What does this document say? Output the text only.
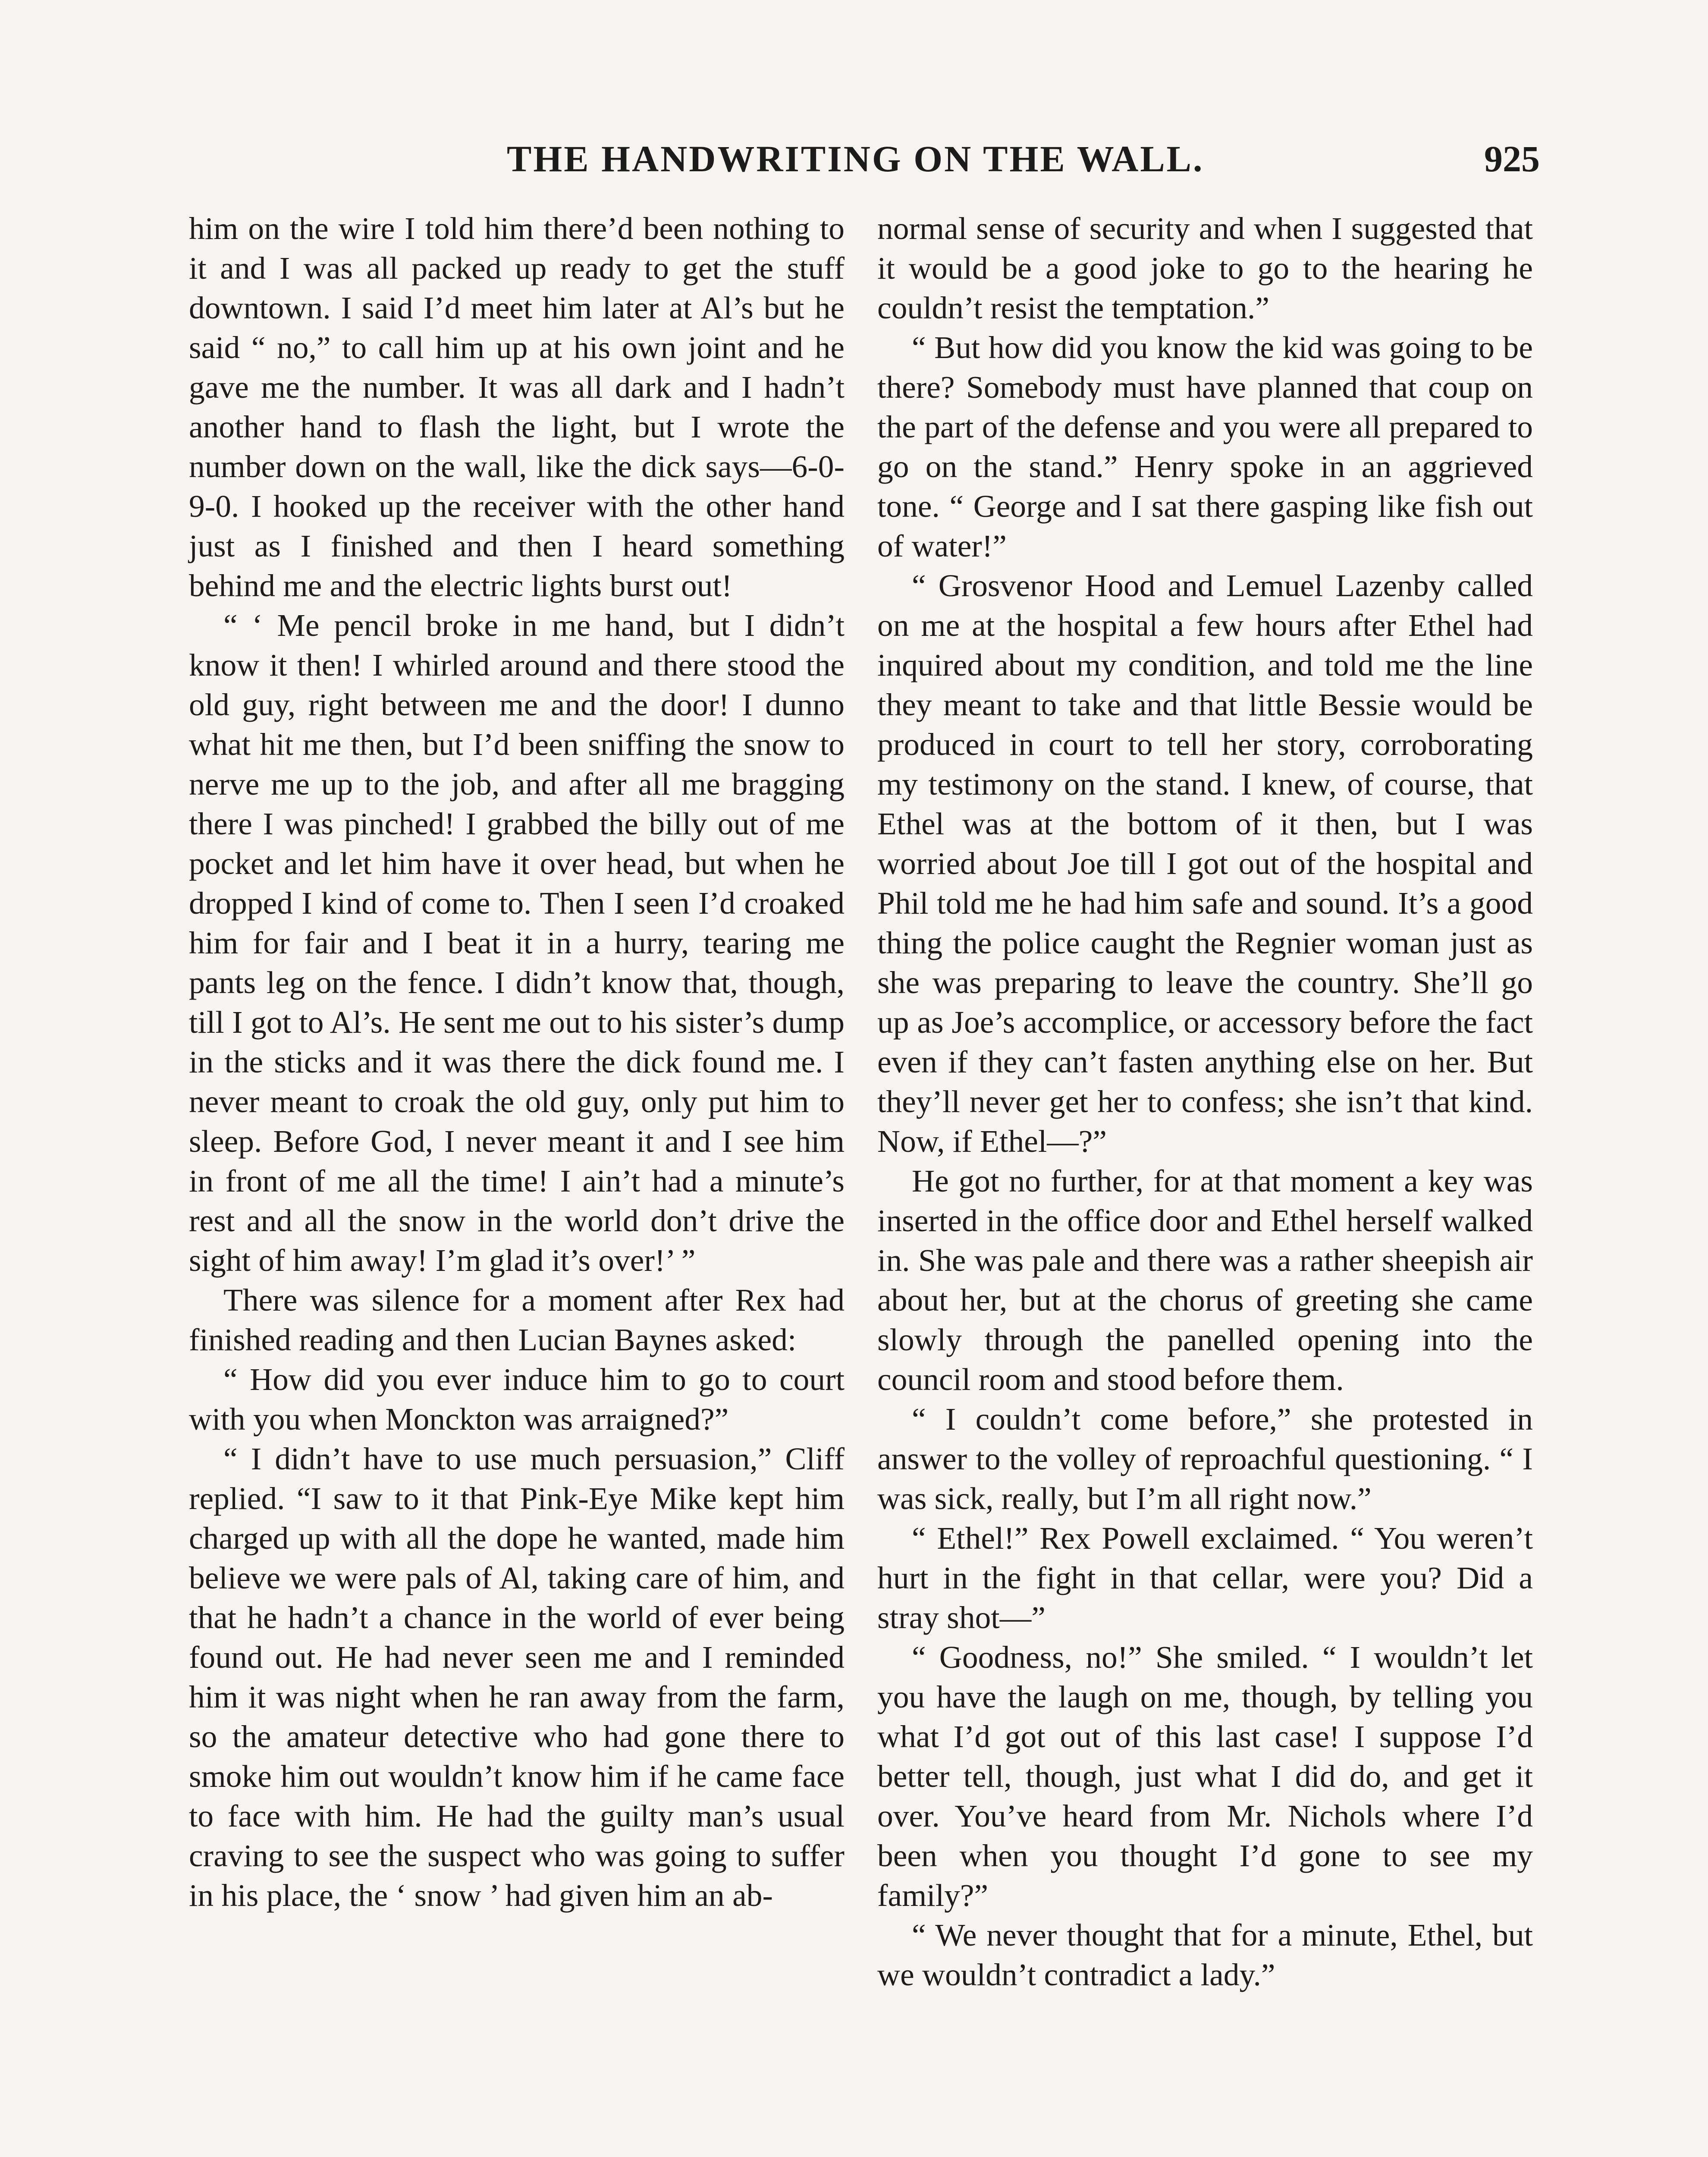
THE HANDWRITING ON THE WALL.	925

him on the wire I told him there’d been nothing to it and I was all packed up ready to get the stuff downtown. I said I’d meet him later at Al’s but he said “ no,” to call him up at his own joint and he gave me the number. It was all dark and I hadn’t another hand to flash the light, but I wrote the number down on the wall, like the dick says—6-0-9-0. I hooked up the receiver with the other hand just as I finished and then I heard something behind me and the electric lights burst out!

“ ‘ Me pencil broke in me hand, but I didn’t know it then! I whirled around and there stood the old guy, right between me and the door! I dunno what hit me then, but I’d been sniffing the snow to nerve me up to the job, and after all me bragging there I was pinched! I grabbed the billy out of me pocket and let him have it over head, but when he dropped I kind of come to. Then I seen I’d croaked him for fair and I beat it in a hurry, tearing me pants leg on the fence. I didn’t know that, though, till I got to Al’s. He sent me out to his sister’s dump in the sticks and it was there the dick found me. I never meant to croak the old guy, only put him to sleep. Before God, I never meant it and I see him in front of me all the time! I ain’t had a minute’s rest and all the snow in the world don’t drive the sight of him away! I’m glad it’s over!’ ”

There was silence for a moment after Rex had finished reading and then Lucian Baynes asked:

“ How did you ever induce him to go to court with you when Monckton was arraigned?”

“ I didn’t have to use much persuasion,” Cliff replied. “I saw to it that Pink-Eye Mike kept him charged up with all the dope he wanted, made him believe we were pals of Al, taking care of him, and that he hadn’t a chance in the world of ever being found out. He had never seen me and I reminded him it was night when he ran away from the farm, so the amateur detective who had gone there to smoke him out wouldn’t know him if he came face to face with him. He had the guilty man’s usual craving to see the suspect who was going to suffer in his place, the ‘ snow ’ had given him an ab-

normal sense of security and when I suggested that it would be a good joke to go to the hearing he couldn’t resist the temptation.”

“ But how did you know the kid was going to be there? Somebody must have planned that coup on the part of the defense and you were all prepared to go on the stand.” Henry spoke in an aggrieved tone. “ George and I sat there gasping like fish out of water!”

“ Grosvenor Hood and Lemuel Lazenby called on me at the hospital a few hours after Ethel had inquired about my condition, and told me the line they meant to take and that little Bessie would be produced in court to tell her story, corroborating my testimony on the stand. I knew, of course, that Ethel was at the bottom of it then, but I was worried about Joe till I got out of the hospital and Phil told me he had him safe and sound. It’s a good thing the police caught the Regnier woman just as she was preparing to leave the country. She’ll go up as Joe’s accomplice, or accessory before the fact even if they can’t fasten anything else on her. But they’ll never get her to confess; she isn’t that kind. Now, if Ethel—?”

He got no further, for at that moment a key was inserted in the office door and Ethel herself walked in. She was pale and there was a rather sheepish air about her, but at the chorus of greeting she came slowly through the panelled opening into the council room and stood before them.

“ I couldn’t come before,” she protested in answer to the volley of reproachful questioning. “ I was sick, really, but I’m all right now.”

“ Ethel!” Rex Powell exclaimed. “ You weren’t hurt in the fight in that cellar, were you? Did a stray shot—”

“ Goodness, no!” She smiled. “ I wouldn’t let you have the laugh on me, though, by telling you what I’d got out of this last case! I suppose I’d better tell, though, just what I did do, and get it over. You’ve heard from Mr. Nichols where I’d been when you thought I’d gone to see my family?”

“ We never thought that for a minute, Ethel, but we wouldn’t contradict a lady.”
